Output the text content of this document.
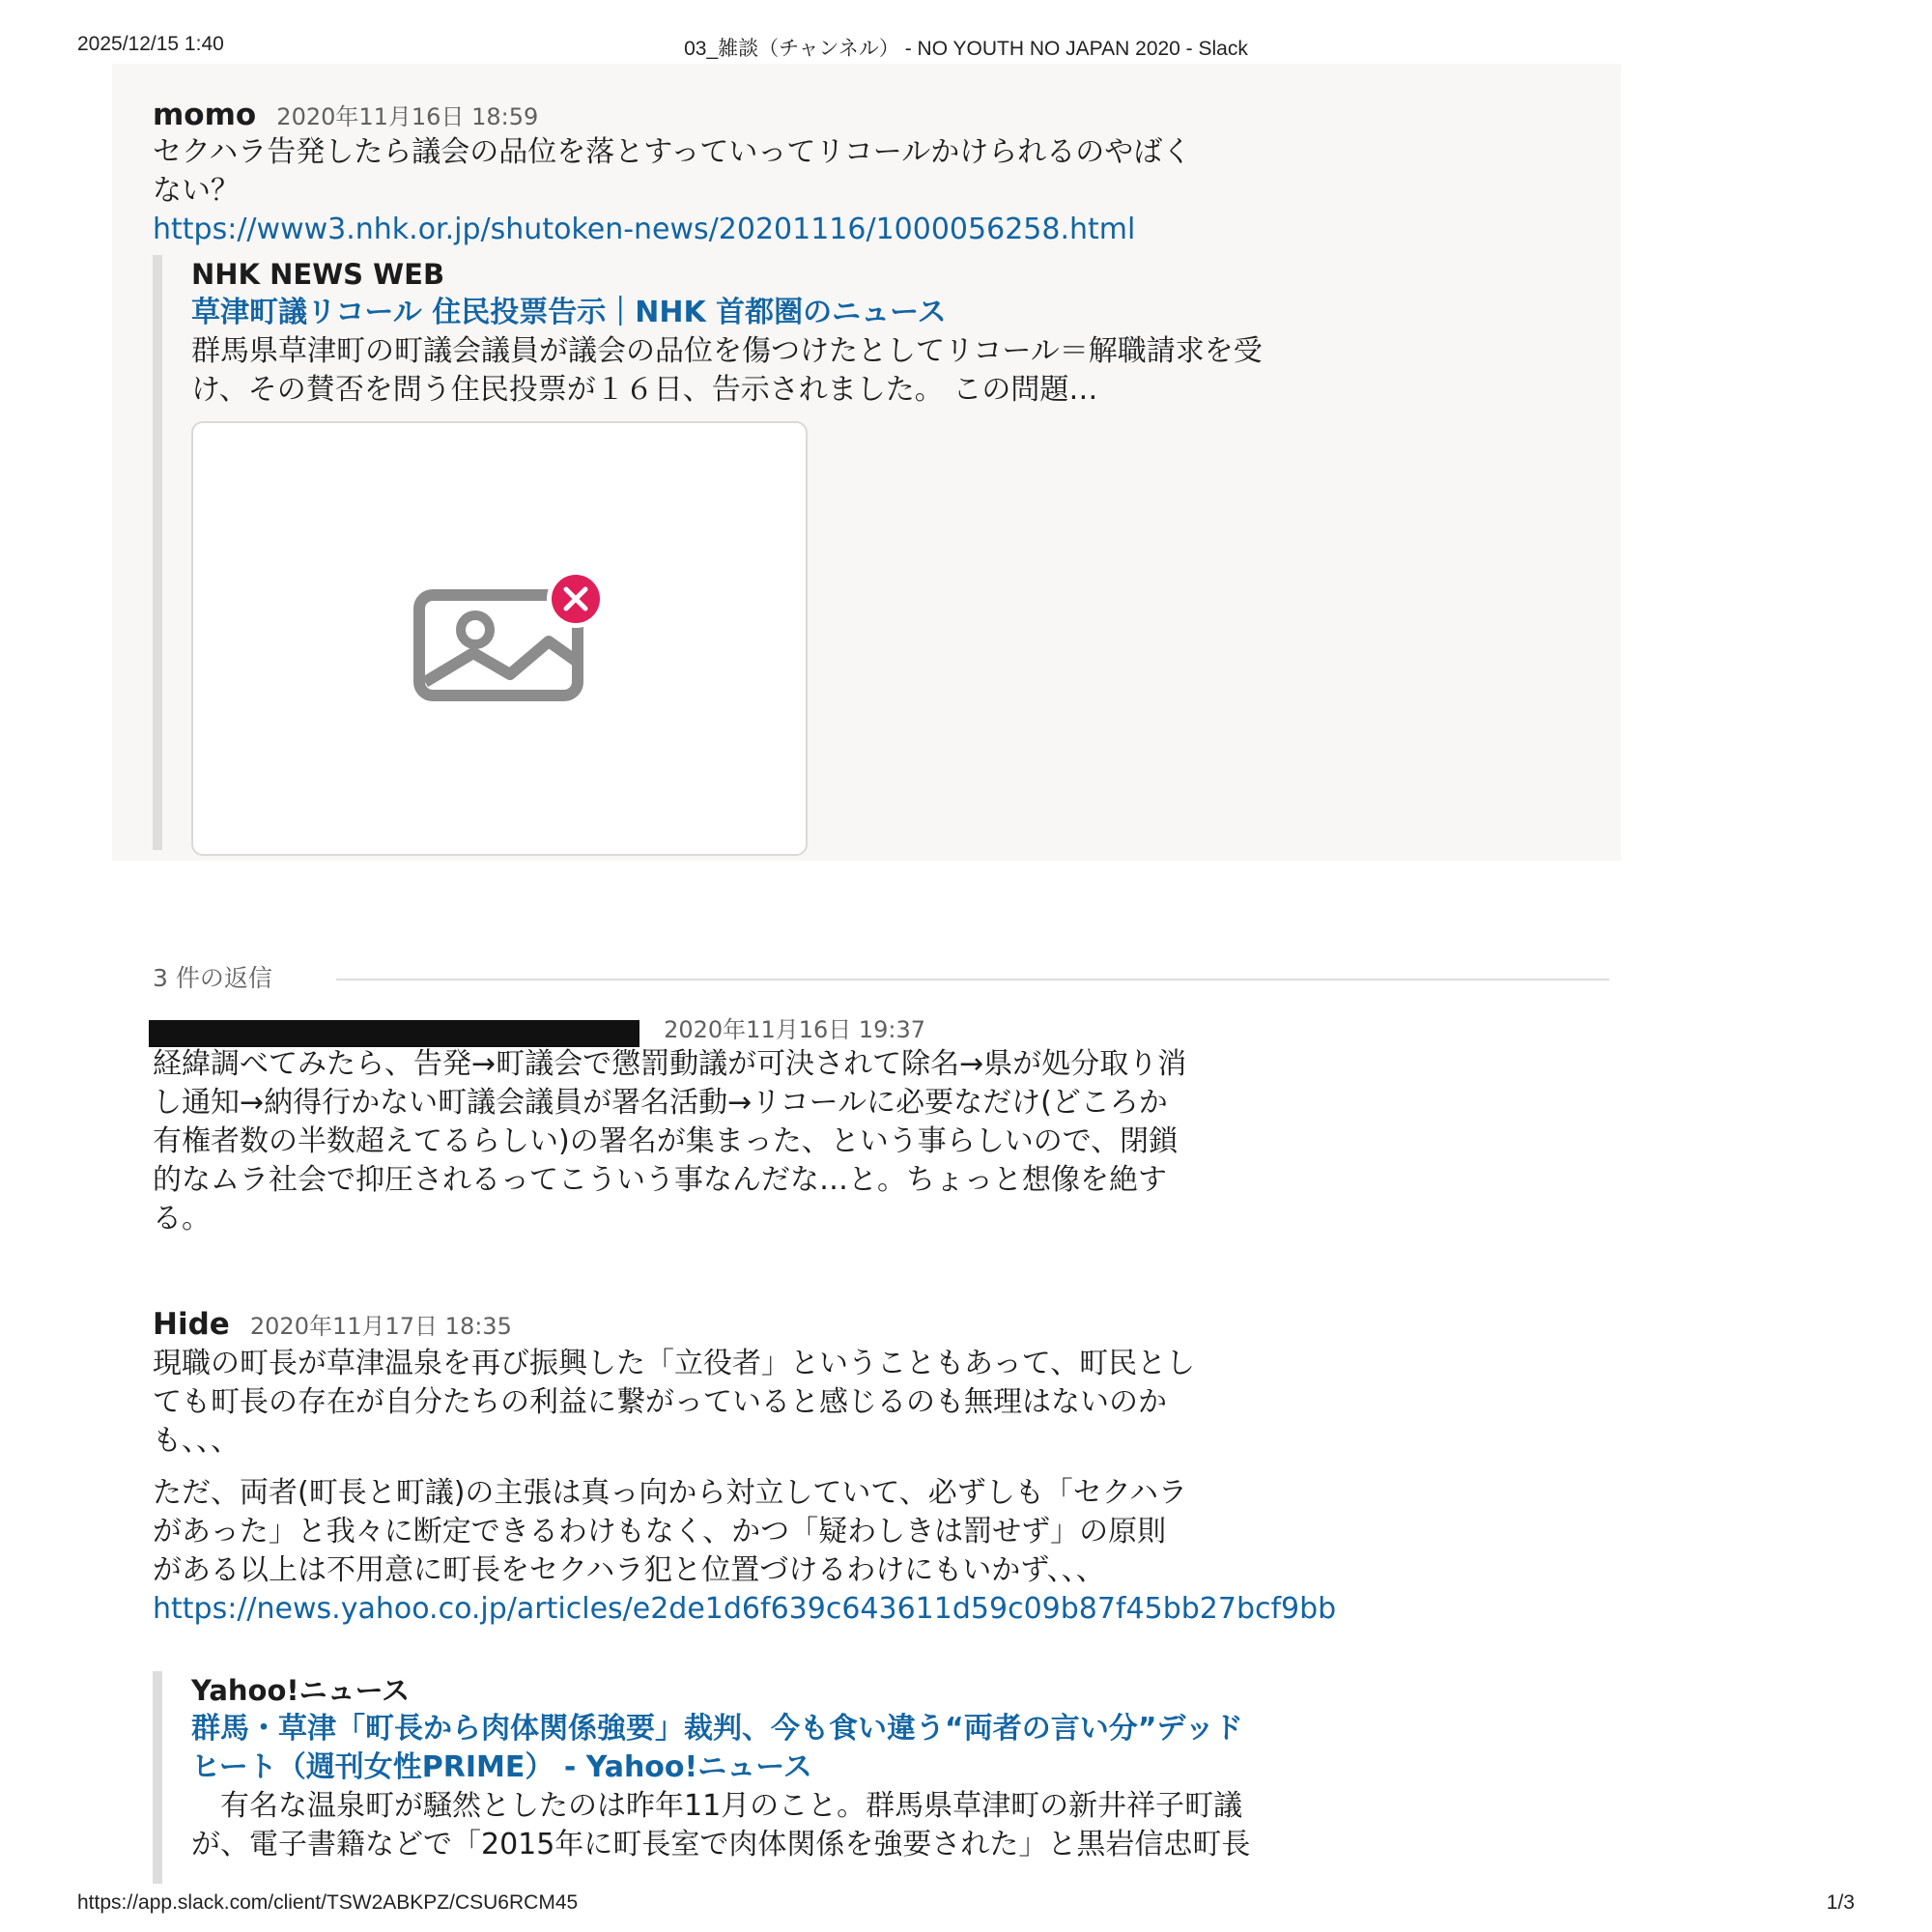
2025/12/15 1:40	03_雑談（チャンネル） - NO YOUTH NO JAPAN 2020 - Slack
momo 2020年11月16日 18:59

セクハラ告発したら議会の品位を落とすっていってリコールかけられるのやばく
ない？

https://www3.nhk.or.jp/shutoken-news/20201116/1000056258.html
NHK NEWS WEB
草津町議リコール 住民投票告示｜NHK 首都圏のニュース
群馬県草津町の町議会議員が議会の品位を傷つけたとしてリコール＝解職請求を受
け、その賛否を問う住民投票が１６日、告示されました。 この問題…
3 件の返信
2020年11月16日 19:37

経緯調べてみたら、告発→町議会で懲罰動議が可決されて除名→県が処分取り消
し通知→納得行かない町議会議員が署名活動→リコールに必要なだけ(どころか
有権者数の半数超えてるらしい)の署名が集まった、という事らしいので、閉鎖
的なムラ社会で抑圧されるってこういう事なんだな…と。ちょっと想像を絶す
る。

Hide 2020年11月17日 18:35

現職の町長が草津温泉を再び振興した「立役者」ということもあって、町民とし
ても町長の存在が自分たちの利益に繋がっていると感じるのも無理はないのか
も、、、

ただ、両者(町長と町議)の主張は真っ向から対立していて、必ずしも「セクハラ
があった」と我々に断定できるわけもなく、かつ「疑わしきは罰せず」の原則
がある以上は不用意に町長をセクハラ犯と位置づけるわけにもいかず、、、

https://news.yahoo.co.jp/articles/e2de1d6f639c643611d59c09b87f45bb27bcf9bb
Yahoo!ニュース
群馬・草津「町長から肉体関係強要」裁判、今も食い違う“両者の言い分”デッド
ヒート（週刊女性PRIME） - Yahoo!ニュース
　有名な温泉町が騒然としたのは昨年11月のこと。群馬県草津町の新井祥子町議
が、電子書籍などで「2015年に町長室で肉体関係を強要された」と黒岩信忠町長
https://app.slack.com/client/TSW2ABKPZ/CSU6RCM45	1/3
